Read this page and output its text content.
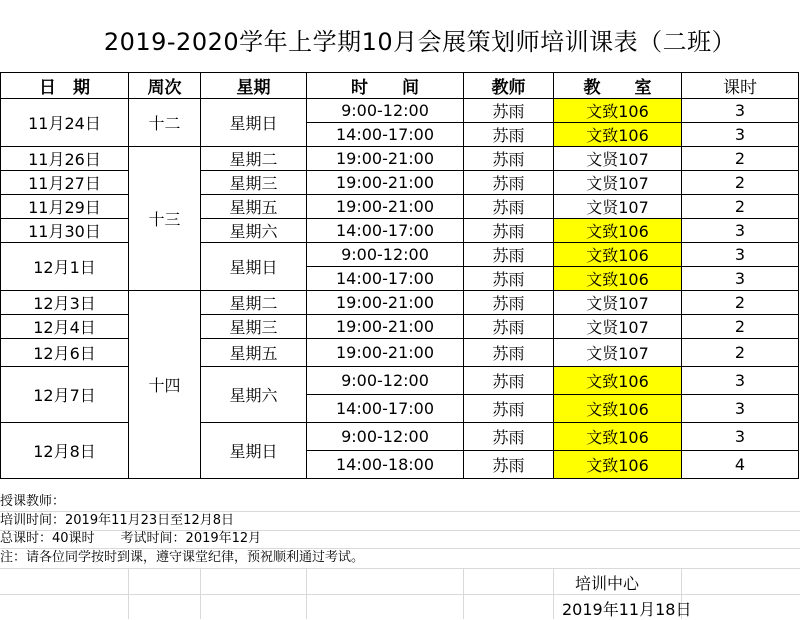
2019-2020学年上学期10月会展策划师培训课表（二班）
日　期	周次	星期	时　　间	教师	教　　室	课时
11月24日	十二	星期日	9:00-12:00	苏雨	文致106	3
			14:00-17:00	苏雨	文致106	3
11月26日	十三	星期二	19:00-21:00	苏雨	文贤107	2
11月27日		星期三	19:00-21:00	苏雨	文贤107	2
11月29日		星期五	19:00-21:00	苏雨	文贤107	2
11月30日		星期六	14:00-17:00	苏雨	文致106	3
12月1日		星期日	9:00-12:00	苏雨	文致106	3
			14:00-17:00	苏雨	文致106	3
12月3日	十四	星期二	19:00-21:00	苏雨	文贤107	2
12月4日		星期三	19:00-21:00	苏雨	文贤107	2
12月6日		星期五	19:00-21:00	苏雨	文贤107	2
12月7日		星期六	9:00-12:00	苏雨	文致106	3
			14:00-17:00	苏雨	文致106	3
12月8日		星期日	9:00-12:00	苏雨	文致106	3
			14:00-18:00	苏雨	文致106	4
授课教师：
培训时间：2019年11月23日至12月8日
总课时：40课时　　考试时间：2019年12月
注：请各位同学按时到课，遵守课堂纪律，预祝顺利通过考试。
培训中心
2019年11月18日
